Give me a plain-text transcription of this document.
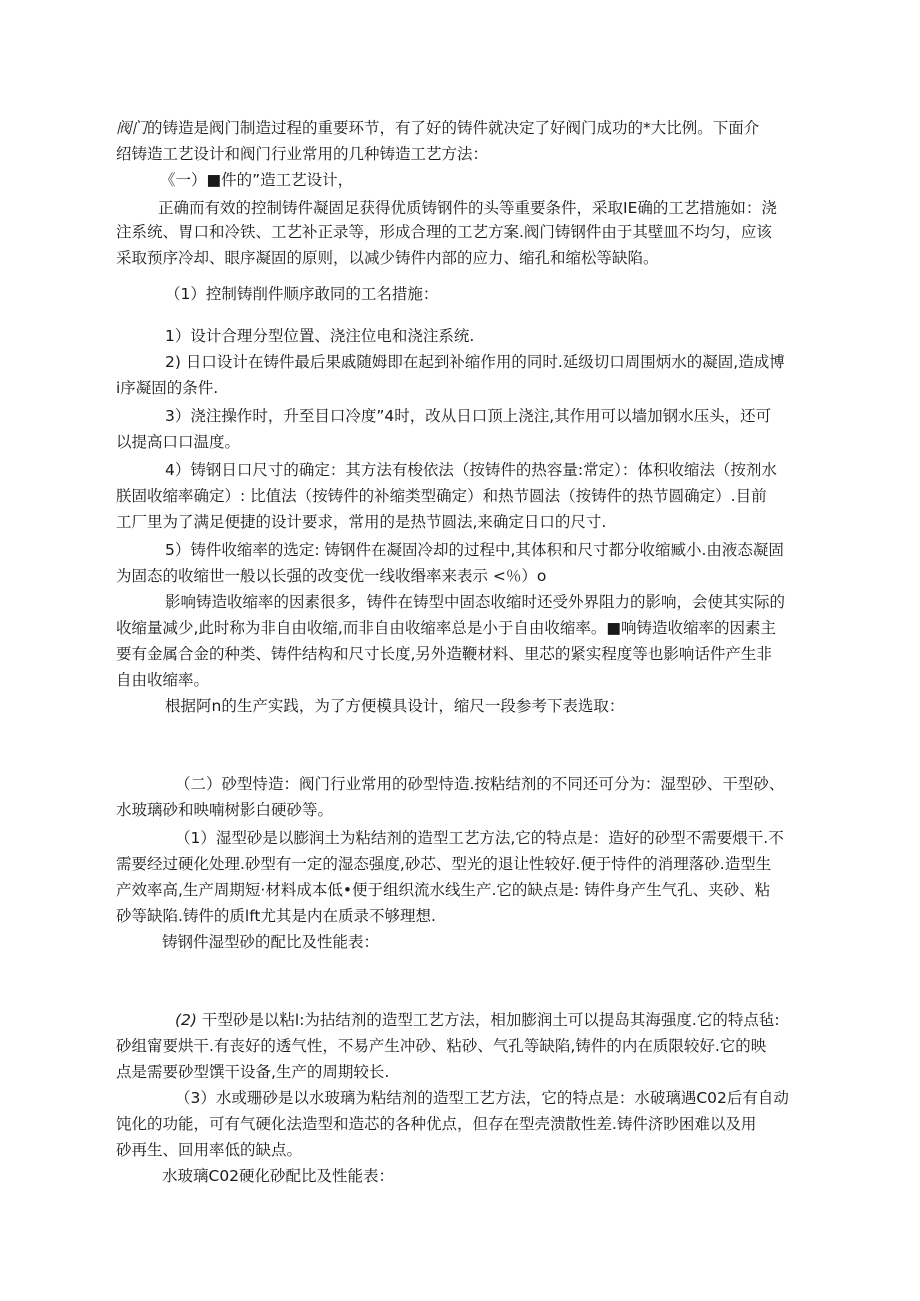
阀门的铸造是阀门制造过程的重要环节，有了好的铸件就决定了好阀门成功的*大比例。下面介
绍铸造工艺设计和阀门行业常用的几种铸造工艺方法：
《一）■件的”造工艺设计，
正确而有效的控制铸件凝固足获得优质铸钢件的头等重要条件，采取IE确的工艺措施如：浇
注系统、胃口和冷铁、工艺补正录等，形成合理的工艺方案.阀门铸钢件由于其壁皿不均匀，应该
采取预序冷却、眼序凝固的原则，以减少铸件内部的应力、缩孔和缩松等缺陷。
（1）控制铸削件顺序敢同的工名措施：
1）设计合理分型位置、浇注位电和浇注系统.
2) 日口设计在铸件最后果戚随姆即在起到补缩作用的同时.延级切口周围炳水的凝固,造成博
i序凝固的条件.
3）浇注操作时，升至目口冷度”4时，改从日口顶上浇注,其作用可以墙加钢水压头，还可
以提高口口温度。
4）铸钢日口尺寸的确定：其方法有梭依法（按铸件的热容量:常定）：体积收缩法（按剂水
朕固收缩率确定）: 比值法（按铸件的补缩类型确定）和热节圆法（按铸件的热节圆确定）.目前
工厂里为了满足便捷的设计要求，常用的是热节圆法,来确定日口的尺寸.
5）铸件收缩率的选定: 铸钢件在凝固冷却的过程中,其体积和尺寸都分收缩臧小.由液态凝固
为固态的收缩世一般以长强的改变优一线收缗率来表示 <％）o
影响铸造收缩率的因素很多，铸件在铸型中固态收缩时还受外界阻力的影响，会使其实际的
收缩量减少,此时称为非自由收缩,而非自由收缩率总是小于自由收缩率。■响铸造收缩率的因素主
要有金属合金的种类、铸件结构和尺寸长度,另外造鞭材料、里芯的紧实程度等也影响话件产生非
自由收缩率。
根据阿n的生产实践，为了方便模具设计，缩尺一段参考下表选取：
（二）砂型恃造：阀门行业常用的砂型恃造.按粘结剂的不同还可分为：湿型砂、干型砂、
水玻璃砂和映喃树影白硬砂等。
（1）湿型砂是以膨润土为粘结剂的造型工艺方法,它的特点是：造好的砂型不需要煨干.不
需要经过硬化处理.砂型有一定的湿态强度,砂芯、型光的退让性较好.便于恃件的消理落砂.造型生
产效率高,生产周期短·材料成本低•便于组织流水线生产.它的缺点是: 铸件身产生气孔、夹砂、粘
砂等缺陷.铸件的质lft尤其是内在质录不够理想.
铸钢件湿型砂的配比及性能表：
(2) 干型砂是以粘l:为拈结剂的造型工艺方法，相加膨润土可以提岛其海强度.它的特点毡:
砂组甯要烘干.有丧好的透气性，不易产生冲砂、粘砂、气孔等缺陷,铸件的内在质限较好.它的映
点是需要砂型馔干设备,生产的周期较长.
（3）水或珊砂是以水玻璃为粘结剂的造型工艺方法，它的特点是：水破璃遇C02后有自动
饨化的功能，可有气硬化法造型和造芯的各种优点，但存在型壳溃散性差.铸件济眇困难以及用
砂再生、回用率低的缺点。
水玻璃C02硬化砂配比及性能表：
